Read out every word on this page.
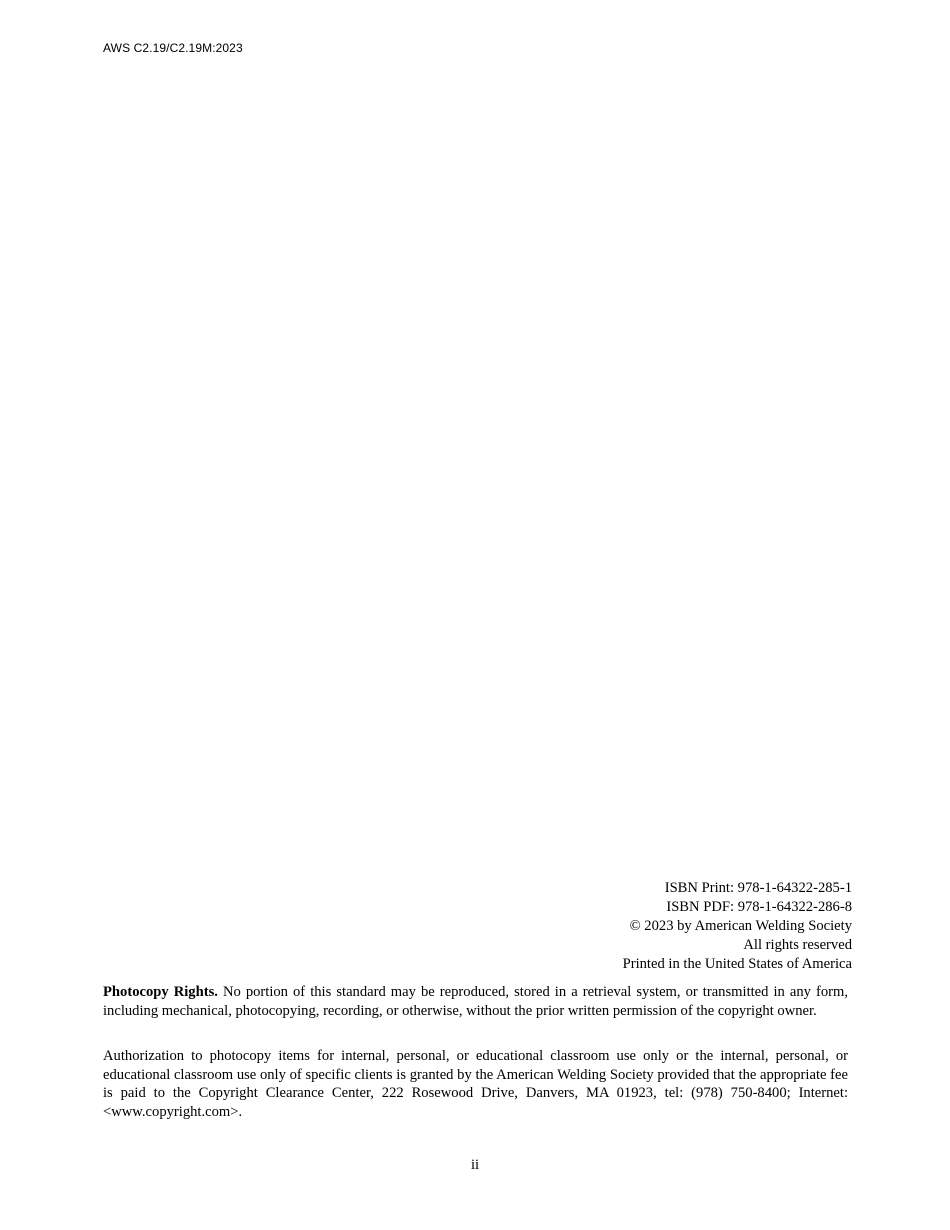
AWS C2.19/C2.19M:2023
ISBN Print: 978-1-64322-285-1
ISBN PDF: 978-1-64322-286-8
© 2023 by American Welding Society
All rights reserved
Printed in the United States of America

Photocopy Rights. No portion of this standard may be reproduced, stored in a retrieval system, or transmitted in any form, including mechanical, photocopying, recording, or otherwise, without the prior written permission of the copyright owner.

Authorization to photocopy items for internal, personal, or educational classroom use only or the internal, personal, or educational classroom use only of specific clients is granted by the American Welding Society provided that the appropriate fee is paid to the Copyright Clearance Center, 222 Rosewood Drive, Danvers, MA 01923, tel: (978) 750-8400; Internet: <www.copyright.com>.

ii
